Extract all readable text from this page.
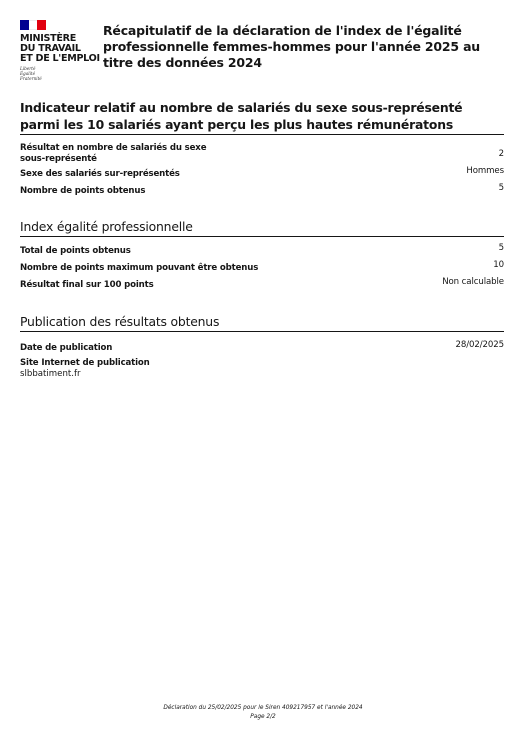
MINISTÈRE
DU TRAVAIL
ET DE L'EMPLOI
Liberté
Égalité
Fraternité
Récapitulatif de la déclaration de l'index de l'égalité professionnelle femmes-hommes pour l'année 2025 au titre des données 2024
Indicateur relatif au nombre de salariés du sexe sous-représenté parmi les 10 salariés ayant perçu les plus hautes rémunératons
Résultat en nombre de salariés du sexe
sous-représenté	2
Sexe des salariés sur-représentés	Hommes
Nombre de points obtenus	5
Index égalité professionnelle
Total de points obtenus	5
Nombre de points maximum pouvant être obtenus	10
Résultat final sur 100 points	Non calculable
Publication des résultats obtenus
Date de publication	28/02/2025
Site Internet de publication
slbbatiment.fr
Déclaration du 25/02/2025 pour le Siren 409217957 et l'année 2024
Page 2/2
